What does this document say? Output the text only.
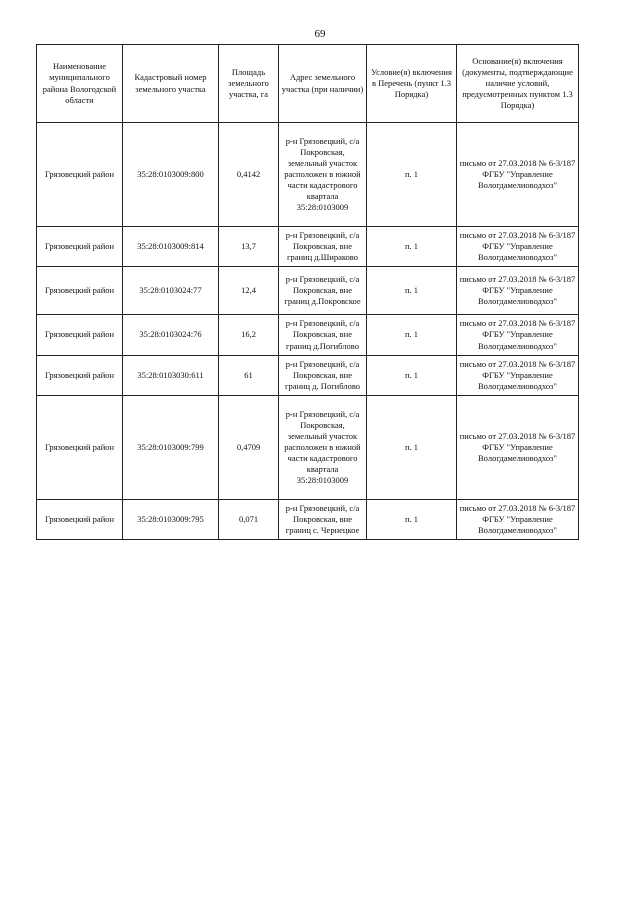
69
Наименование муниципального района Вологодской области	Кадастровый номер земельного участка	Площадь земельного участка, га	Адрес земельного участка (при наличии)	Условие(я) включения в Перечень (пункт 1.3 Порядка)	Основание(я) включения (документы, подтверждающие наличие условий, предусмотренных пунктом 1.3 Порядка)
Грязовецкий район	35:28:0103009:800	0,4142	р-н Грязовецкий, с/а Покровская, земельный участок расположен в южной части кадастрового квартала 35:28:0103009	п. 1	письмо от 27.03.2018 № 6-3/187 ФГБУ "Управление Вологдамелиоводхоз"
Грязовецкий район	35:28:0103009:814	13,7	р-н Грязовецкий, с/а Покровская, вне границ д.Шираково	п. 1	письмо от 27.03.2018 № 6-3/187 ФГБУ "Управление Вологдамелиоводхоз"
Грязовецкий район	35:28:0103024:77	12,4	р-н Грязовецкий, с/а Покровская, вне границ д.Покровское	п. 1	письмо от 27.03.2018 № 6-3/187 ФГБУ "Управление Вологдамелиоводхоз"
Грязовецкий район	35:28:0103024:76	16,2	р-н Грязовецкий, с/а Покровская, вне границ д.Погиблово	п. 1	письмо от 27.03.2018 № 6-3/187 ФГБУ "Управление Вологдамелиоводхоз"
Грязовецкий район	35:28:0103030:611	61	р-н Грязовецкий, с/а Покровская, вне границ д. Погиблово	п. 1	письмо от 27.03.2018 № 6-3/187 ФГБУ "Управление Вологдамелиоводхоз"
Грязовецкий район	35:28:0103009:799	0,4709	р-н Грязовецкий, с/а Покровская, земельный участок расположен в южной части кадастрового квартала 35:28:0103009	п. 1	письмо от 27.03.2018 № 6-3/187 ФГБУ "Управление Вологдамелиоводхоз"
Грязовецкий район	35:28:0103009:795	0,071	р-н Грязовецкий, с/а Покровская, вне границ с. Чернецкое	п. 1	письмо от 27.03.2018 № 6-3/187 ФГБУ "Управление Вологдамелиоводхоз"
